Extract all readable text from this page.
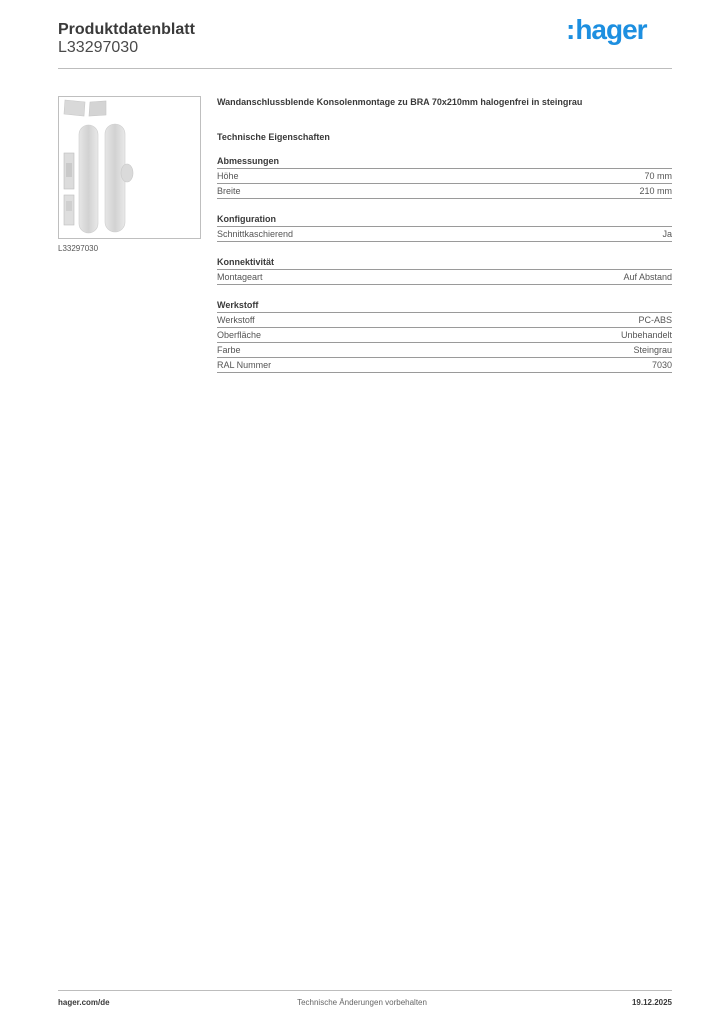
Produktdatenblatt
L33297030
:hager
L33297030

Wandanschlussblende Konsolenmontage zu BRA 70x210mm halogenfrei in steingrau

Technische Eigenschaften

Abmessungen
Höhe	70 mm
Breite	210 mm
Konfiguration
Schnittkaschierend	Ja
Konnektivität
Montageart	Auf Abstand
Werkstoff
Werkstoff	PC-ABS
Oberfläche	Unbehandelt
Farbe	Steingrau
RAL Nummer	7030
hager.com/de	Technische Änderungen vorbehalten	19.12.2025
